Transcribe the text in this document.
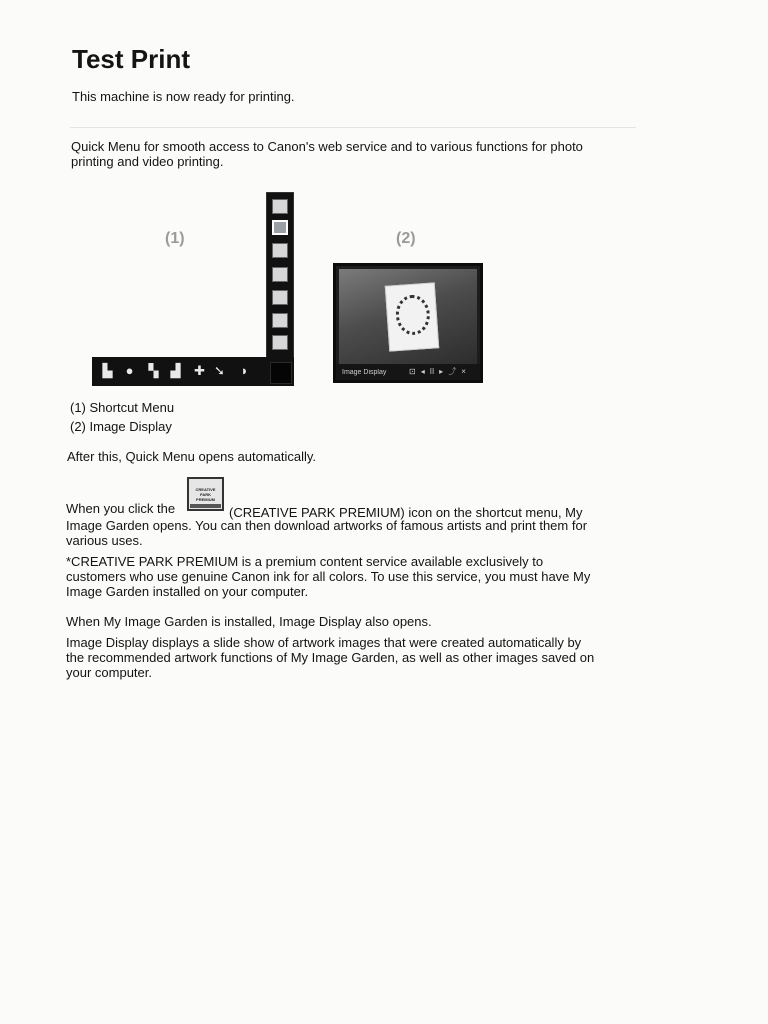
Test Print

This machine is now ready for printing.

Quick Menu for smooth access to Canon's web service and to various functions for photo

printing and video printing.

(1)	(2)
▙ ● ▚ ▟ ✚ ➘ ◗	Image Display	⊡ ◂ II ▸ ⤴ ×

(1) Shortcut Menu

(2) Image Display

After this, Quick Menu opens automatically.

When you click the

CREATIVE
PARK
PREMIUM

(CREATIVE PARK PREMIUM) icon on the shortcut menu, My

Image Garden opens. You can then download artworks of famous artists and print them for

various uses.

*CREATIVE PARK PREMIUM is a premium content service available exclusively to

customers who use genuine Canon ink for all colors. To use this service, you must have My

Image Garden installed on your computer.

When My Image Garden is installed, Image Display also opens.

Image Display displays a slide show of artwork images that were created automatically by

the recommended artwork functions of My Image Garden, as well as other images saved on

your computer.
